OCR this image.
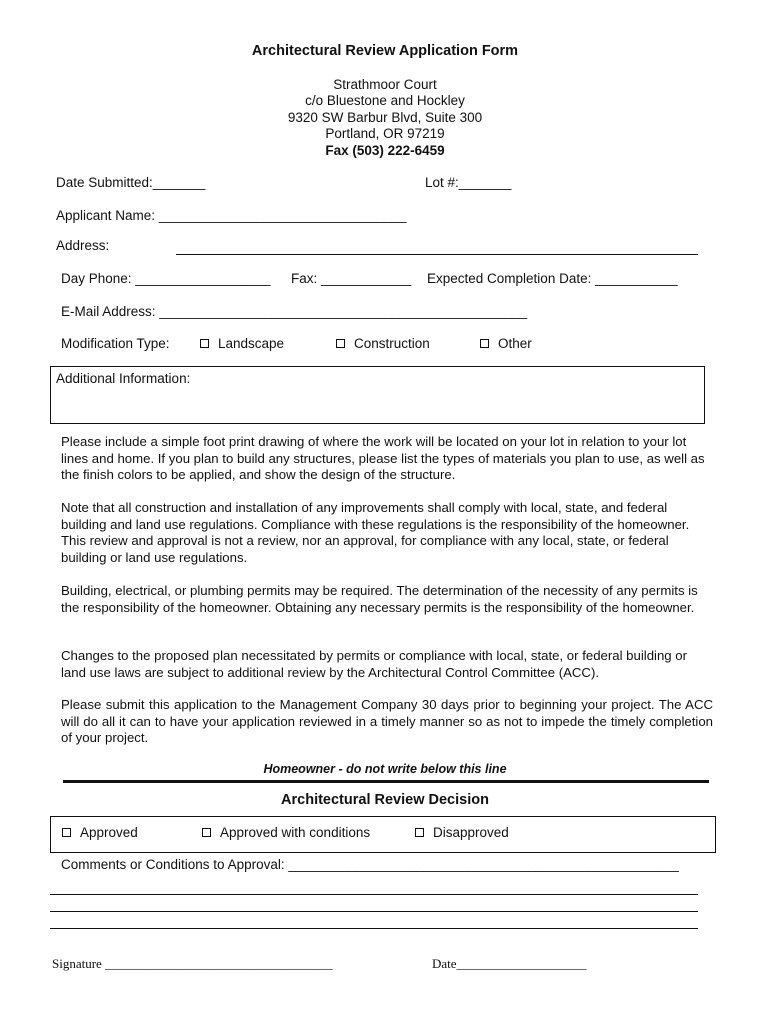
Architectural Review Application Form
Strathmoor Court
c/o Bluestone and Hockley
9320 SW Barbur Blvd, Suite 300
Portland, OR 97219
Fax (503) 222-6459
Date Submitted:_______	Lot #:_______
Applicant Name: _________________________________
Address:
Day Phone: __________________ Fax: ____________ Expected Completion Date: ___________
E-Mail Address: _________________________________________________
Modification Type:	Landscape	Construction	Other
Additional Information:
Please include a simple foot print drawing of where the work will be located on your lot in relation to your lot lines and home. If you plan to build any structures, please list the types of materials you plan to use, as well as the finish colors to be applied, and show the design of the structure.
Note that all construction and installation of any improvements shall comply with local, state, and federal building and land use regulations. Compliance with these regulations is the responsibility of the homeowner. This review and approval is not a review, nor an approval, for compliance with any local, state, or federal building or land use regulations.
Building, electrical, or plumbing permits may be required. The determination of the necessity of any permits is the responsibility of the homeowner. Obtaining any necessary permits is the responsibility of the homeowner.
Changes to the proposed plan necessitated by permits or compliance with local, state, or federal building or land use laws are subject to additional review by the Architectural Control Committee (ACC).
Please submit this application to the Management Company 30 days prior to beginning your project. The ACC will do all it can to have your application reviewed in a timely manner so as not to impede the timely completion of your project.
Homeowner - do not write below this line
Architectural Review Decision
Approved	Approved with conditions	Disapproved
Comments or Conditions to Approval: ____________________________________________________
Signature ___________________________________	Date____________________
